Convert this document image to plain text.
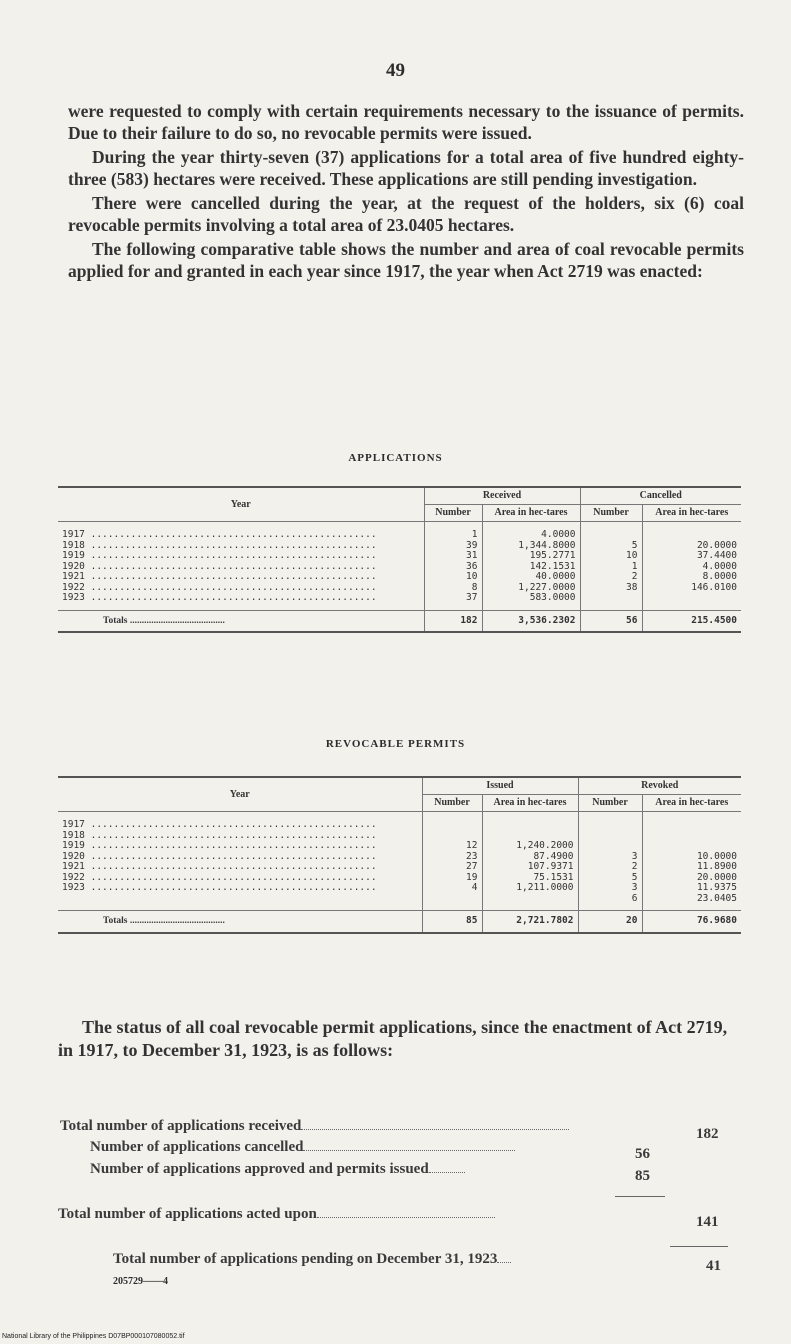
49

were requested to comply with certain requirements necessary to the issuance of permits. Due to their failure to do so, no revocable permits were issued.

During the year thirty-seven (37) applications for a total area of five hundred eighty-three (583) hectares were received. These applications are still pending investigation.

There were cancelled during the year, at the request of the holders, six (6) coal revocable permits involving a total area of 23.0405 hectares.

The following comparative table shows the number and area of coal revocable permits applied for and granted in each year since 1917, the year when Act 2719 was enacted:

APPLICATIONS
Year	Received		Cancelled	
	Number	Area in hec-tares	Number	Area in hec-tares
1917 ..................................................	1	4.0000		
1918 ..................................................	39	1,344.8000	5	20.0000
1919 ..................................................	31	195.2771	10	37.4400
1920 ..................................................	36	142.1531	1	4.0000
1921 ..................................................	10	40.0000	2	8.0000
1922 ..................................................	8	1,227.0000	38	146.0100
1923 ..................................................	37	583.0000		
Totals ........................................	182	3,536.2302	56	215.4500
REVOCABLE PERMITS
Year	Issued		Revoked	
	Number	Area in hec-tares	Number	Area in hec-tares
1917 ..................................................				
1918 ..................................................				
1919 ..................................................	12	1,240.2000		
1920 ..................................................	23	87.4900	3	10.0000
1921 ..................................................	27	107.9371	2	11.8900
1922 ..................................................	19	75.1531	5	20.0000
1923 ..................................................	4	1,211.0000	3	11.9375
			6	23.0405
Totals ........................................	85	2,721.7802	20	76.9680
The status of all coal revocable permit applications, since the enactment of Act 2719, in 1917, to December 31, 1923, is as follows:
Total number of applications received	182
Number of applications cancelled	56
Number of applications approved and permits issued	85
Total number of applications acted upon	141
Total number of applications pending on December 31, 1923	41
205729——4
National Library of the Philippines D07BP000107080052.tif
